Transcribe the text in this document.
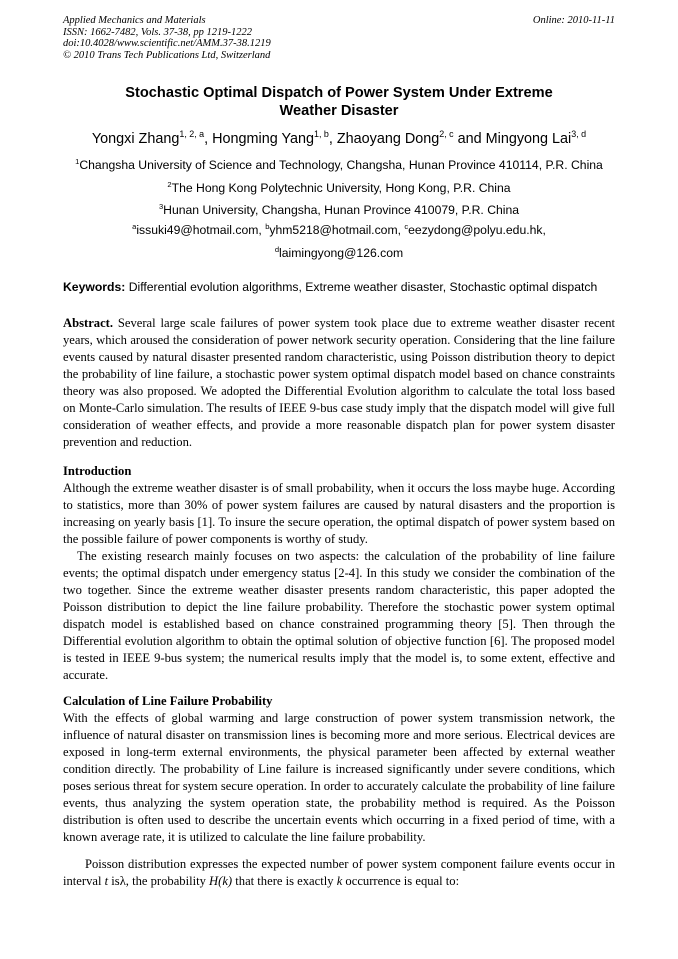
Applied Mechanics and Materials
ISSN: 1662-7482, Vols. 37-38, pp 1219-1222
doi:10.4028/www.scientific.net/AMM.37-38.1219
© 2010 Trans Tech Publications Ltd, Switzerland
Online: 2010-11-11
Stochastic Optimal Dispatch of Power System Under Extreme
Weather Disaster
Yongxi Zhang$^{1, 2, a}$, Hongming Yang$^{1, b}$, Zhaoyang Dong$^{2, c}$ and Mingyong Lai$^{3, d}$
$^1$Changsha University of Science and Technology, Changsha, Hunan Province 410114, P.R. China
$^2$The Hong Kong Polytechnic University, Hong Kong, P.R. China
$^3$Hunan University, Changsha, Hunan Province 410079, P.R. China
$^a$issuki49@hotmail.com, $^b$yhm5218@hotmail.com, $^c$eezydong@polyu.edu.hk,
$^d$laimingyong@126.com
Keywords: Differential evolution algorithms, Extreme weather disaster, Stochastic optimal dispatch
Abstract. Several large scale failures of power system took place due to extreme weather disaster recent years, which aroused the consideration of power network security operation. Considering that the line failure events caused by natural disaster presented random characteristic, using Poisson distribution theory to depict the probability of line failure, a stochastic power system optimal dispatch model based on chance constraints theory was also proposed. We adopted the Differential Evolution algorithm to calculate the total loss based on Monte-Carlo simulation. The results of IEEE 9-bus case study imply that the dispatch model will give full consideration of weather effects, and provide a more reasonable dispatch plan for power system disaster prevention and reduction.
Introduction
Although the extreme weather disaster is of small probability, when it occurs the loss maybe huge. According to statistics, more than 30% of power system failures are caused by natural disasters and the proportion is increasing on yearly basis [1]. To insure the secure operation, the optimal dispatch of power system based on the possible failure of power components is worthy of study.
The existing research mainly focuses on two aspects: the calculation of the probability of line failure events; the optimal dispatch under emergency status [2-4]. In this study we consider the combination of the two together. Since the extreme weather disaster presents random characteristic, this paper adopted the Poisson distribution to depict the line failure probability. Therefore the stochastic power system optimal dispatch model is established based on chance constrained programming theory [5]. Then through the Differential evolution algorithm to obtain the optimal solution of objective function [6]. The proposed model is tested in IEEE 9-bus system; the numerical results imply that the model is, to some extent, effective and accurate.
Calculation of Line Failure Probability
With the effects of global warming and large construction of power system transmission network, the influence of natural disaster on transmission lines is becoming more and more serious. Electrical devices are exposed in long-term external environments, the physical parameter been affected by external weather condition directly. The probability of Line failure is increased significantly under severe conditions, which poses serious threat for system secure operation. In order to accurately calculate the probability of line failure events, thus analyzing the system operation state, the probability method is required. As the Poisson distribution is often used to describe the uncertain events which occurring in a fixed period of time, with a known average rate, it is utilized to calculate the line failure probability.
Poisson distribution expresses the expected number of power system component failure events occur in interval t isλ, the probability H(k) that there is exactly k occurrence is equal to:
